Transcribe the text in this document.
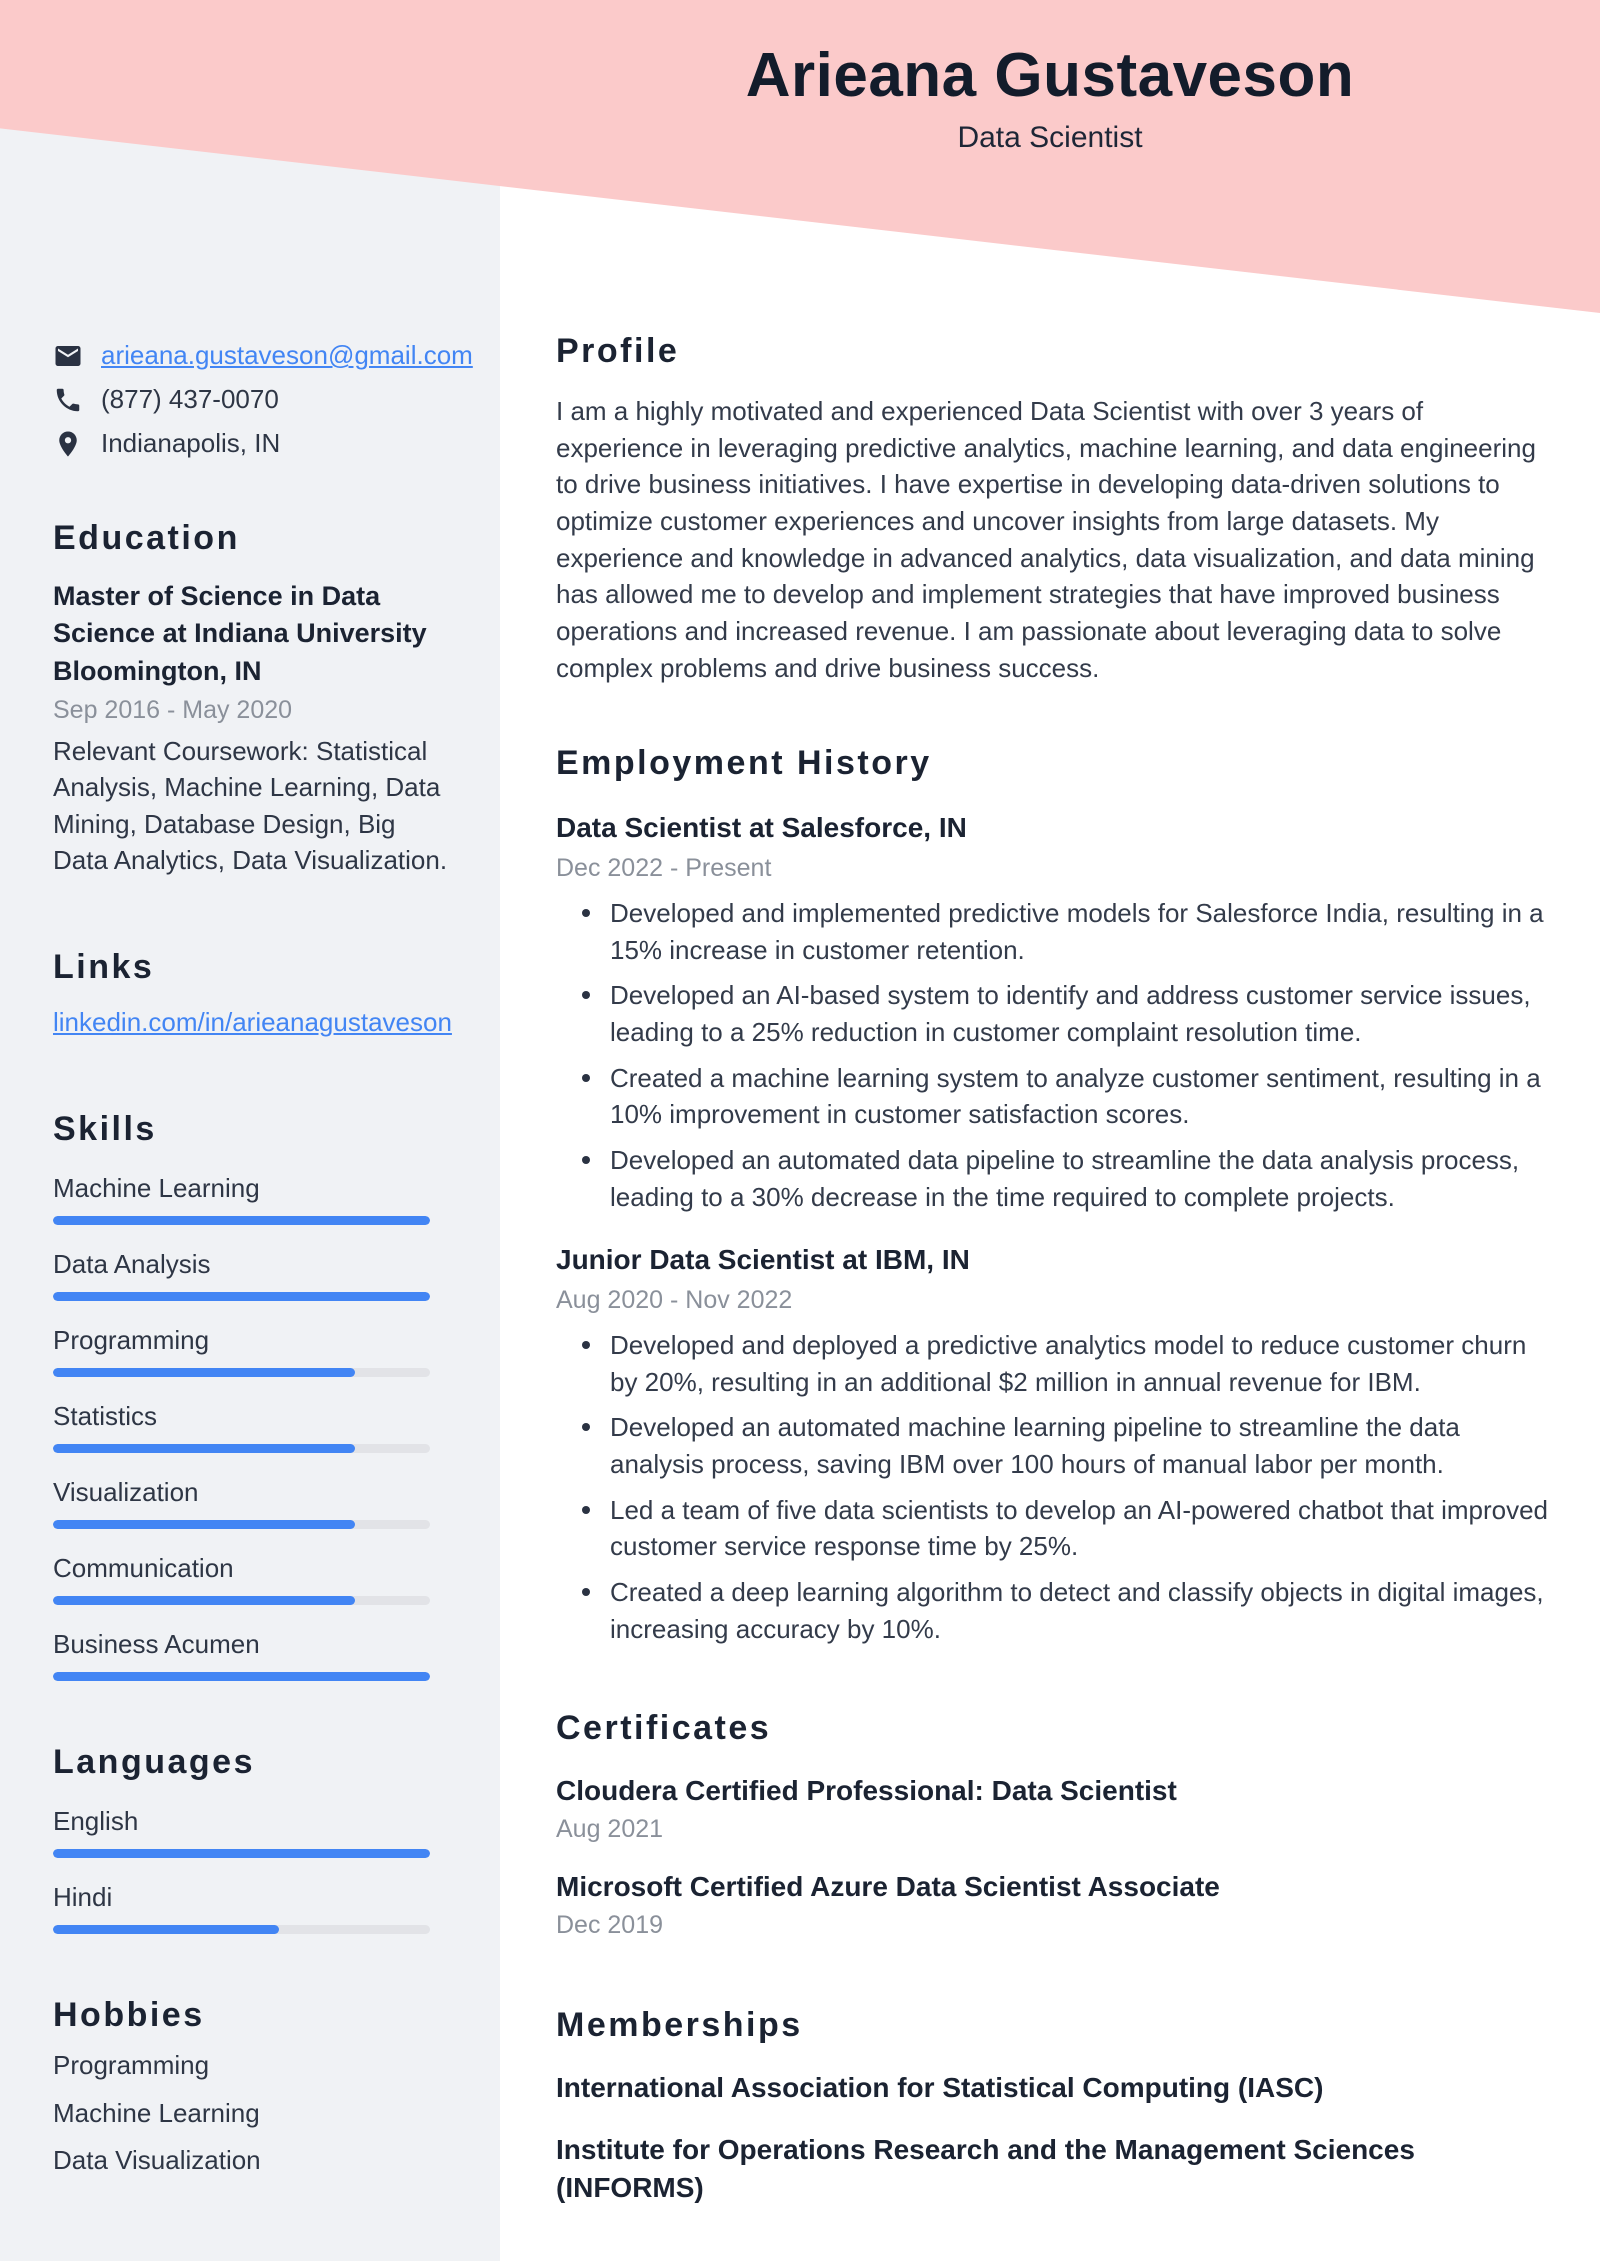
arieana.gustaveson@gmail.com
(877) 437-0070
Indianapolis, IN
Education
Master of Science in Data Science at Indiana University Bloomington, IN
Sep 2016 - May 2020
Relevant Coursework: Statistical Analysis, Machine Learning, Data Mining, Database Design, Big Data Analytics, Data Visualization.
Links
linkedin.com/in/arieanagustaveson
Skills
Machine Learning
Data Analysis
Programming
Statistics
Visualization
Communication
Business Acumen
Languages
English
Hindi
Hobbies
Programming
Machine Learning
Data Visualization
Arieana Gustaveson
Data Scientist
Profile
I am a highly motivated and experienced Data Scientist with over 3 years of experience in leveraging predictive analytics, machine learning, and data engineering to drive business initiatives. I have expertise in developing data-driven solutions to optimize customer experiences and uncover insights from large datasets. My experience and knowledge in advanced analytics, data visualization, and data mining has allowed me to develop and implement strategies that have improved business operations and increased revenue. I am passionate about leveraging data to solve complex problems and drive business success.
Employment History
Data Scientist at Salesforce, IN
Dec 2022 - Present
Developed and implemented predictive models for Salesforce India, resulting in a 15% increase in customer retention.
Developed an AI-based system to identify and address customer service issues, leading to a 25% reduction in customer complaint resolution time.
Created a machine learning system to analyze customer sentiment, resulting in a 10% improvement in customer satisfaction scores.
Developed an automated data pipeline to streamline the data analysis process, leading to a 30% decrease in the time required to complete projects.
Junior Data Scientist at IBM, IN
Aug 2020 - Nov 2022
Developed and deployed a predictive analytics model to reduce customer churn by 20%, resulting in an additional $2 million in annual revenue for IBM.
Developed an automated machine learning pipeline to streamline the data analysis process, saving IBM over 100 hours of manual labor per month.
Led a team of five data scientists to develop an AI-powered chatbot that improved customer service response time by 25%.
Created a deep learning algorithm to detect and classify objects in digital images, increasing accuracy by 10%.
Certificates
Cloudera Certified Professional: Data Scientist
Aug 2021
Microsoft Certified Azure Data Scientist Associate
Dec 2019
Memberships
International Association for Statistical Computing (IASC)
Institute for Operations Research and the Management Sciences (INFORMS)
